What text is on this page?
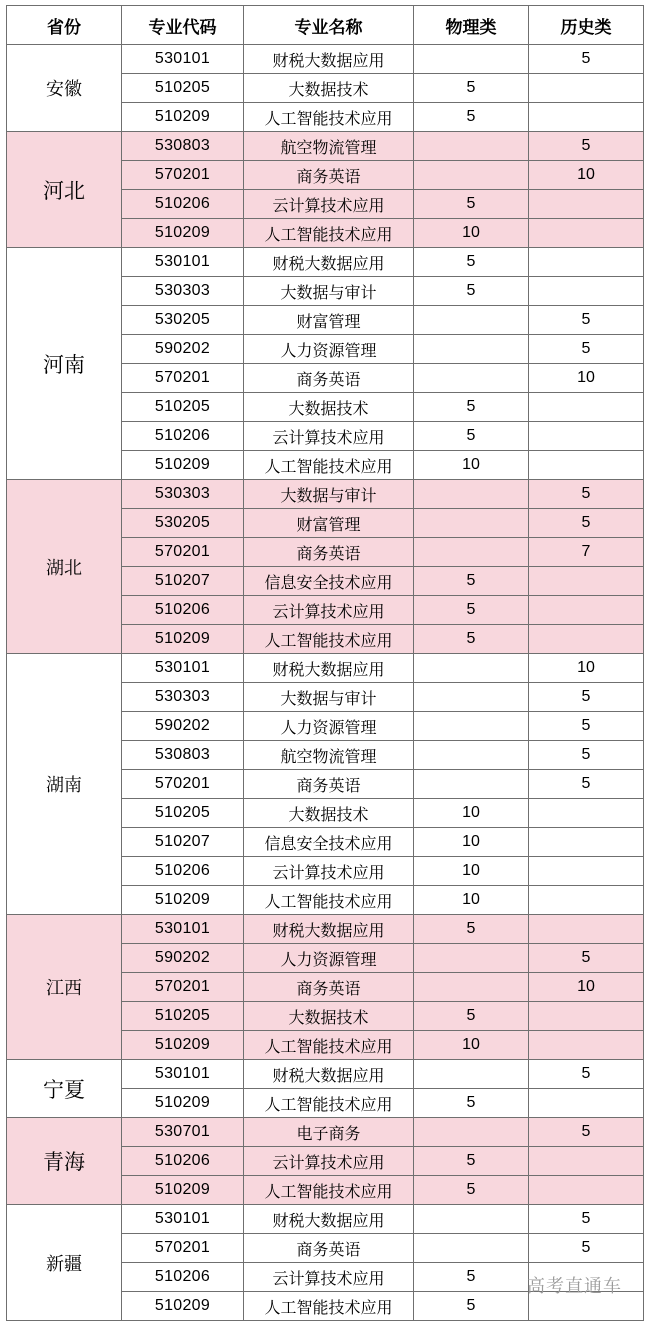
省份	专业代码	专业名称	物理类	历史类
安徽	530101	财税大数据应用		5
	510205	大数据技术	5	
	510209	人工智能技术应用	5	
河北	530803	航空物流管理		5
	570201	商务英语		10
	510206	云计算技术应用	5	
	510209	人工智能技术应用	10	
河南	530101	财税大数据应用	5	
	530303	大数据与审计	5	
	530205	财富管理		5
	590202	人力资源管理		5
	570201	商务英语		10
	510205	大数据技术	5	
	510206	云计算技术应用	5	
	510209	人工智能技术应用	10	
湖北	530303	大数据与审计		5
	530205	财富管理		5
	570201	商务英语		7
	510207	信息安全技术应用	5	
	510206	云计算技术应用	5	
	510209	人工智能技术应用	5	
湖南	530101	财税大数据应用		10
	530303	大数据与审计		5
	590202	人力资源管理		5
	530803	航空物流管理		5
	570201	商务英语		5
	510205	大数据技术	10	
	510207	信息安全技术应用	10	
	510206	云计算技术应用	10	
	510209	人工智能技术应用	10	
江西	530101	财税大数据应用	5	
	590202	人力资源管理		5
	570201	商务英语		10
	510205	大数据技术	5	
	510209	人工智能技术应用	10	
宁夏	530101	财税大数据应用		5
	510209	人工智能技术应用	5	
青海	530701	电子商务		5
	510206	云计算技术应用	5	
	510209	人工智能技术应用	5	
新疆	530101	财税大数据应用		5
	570201	商务英语		5
	510206	云计算技术应用	5	
	510209	人工智能技术应用	5	
高考直通车
